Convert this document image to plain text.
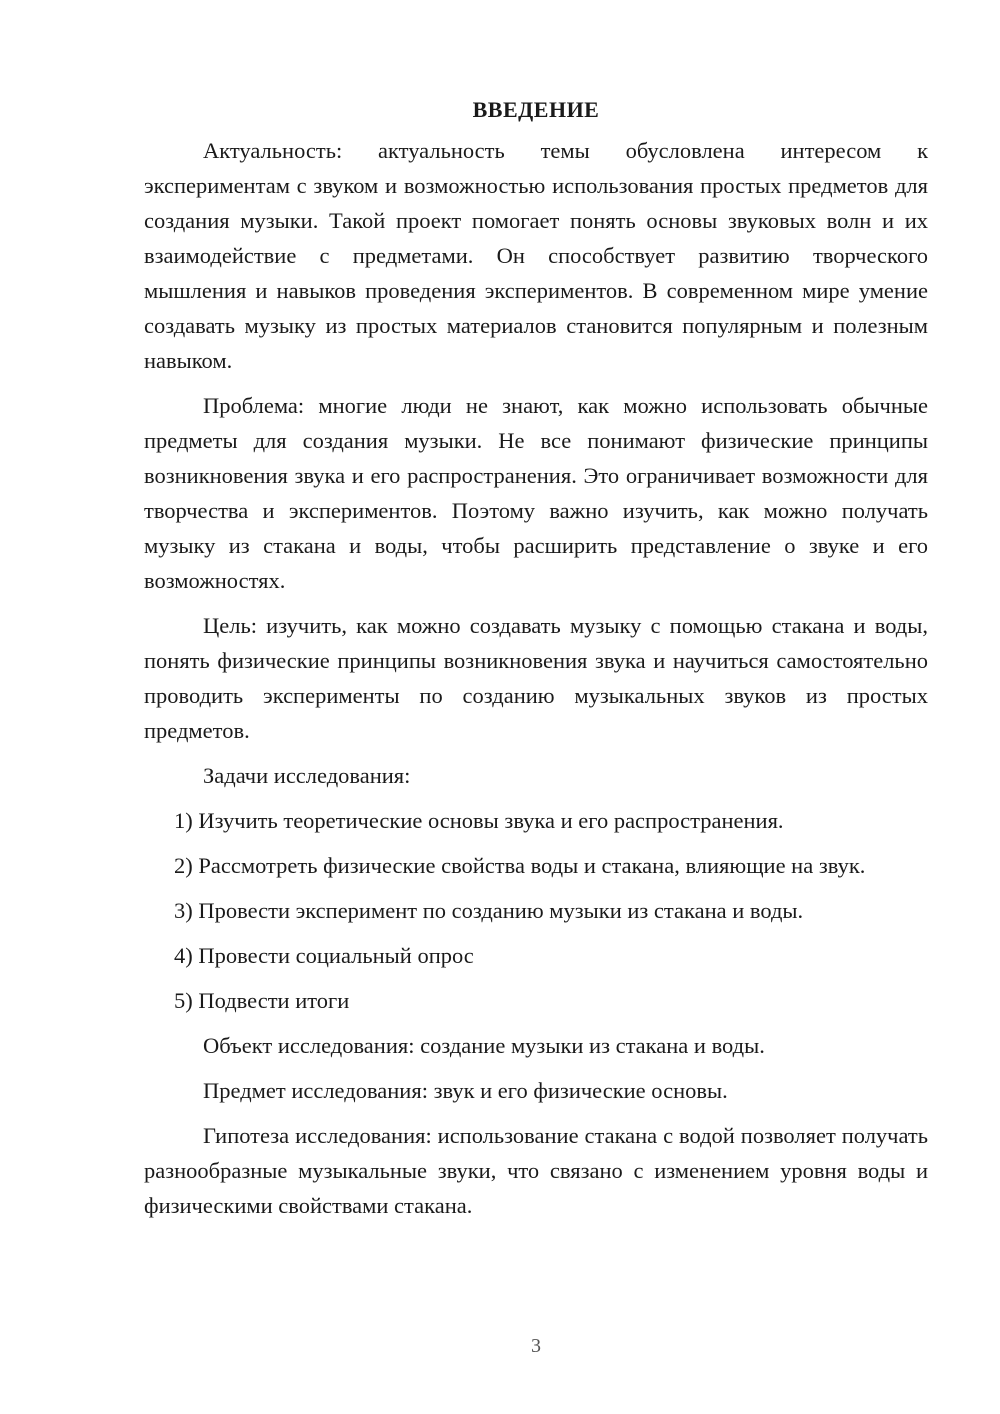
ВВЕДЕНИЕ

Актуальность: актуальность темы обусловлена интересом к экспериментам с звуком и возможностью использования простых предметов для создания музыки. Такой проект помогает понять основы звуковых волн и их взаимодействие с предметами. Он способствует развитию творческого мышления и навыков проведения экспериментов. В современном мире умение создавать музыку из простых материалов становится популярным и полезным навыком.

Проблема: многие люди не знают, как можно использовать обычные предметы для создания музыки. Не все понимают физические принципы возникновения звука и его распространения. Это ограничивает возможности для творчества и экспериментов. Поэтому важно изучить, как можно получать музыку из стакана и воды, чтобы расширить представление о звуке и его возможностях.

Цель: изучить, как можно создавать музыку с помощью стакана и воды, понять физические принципы возникновения звука и научиться самостоятельно проводить эксперименты по созданию музыкальных звуков из простых предметов.

Задачи исследования:

1) Изучить теоретические основы звука и его распространения.

2) Рассмотреть физические свойства воды и стакана, влияющие на звук.

3) Провести эксперимент по созданию музыки из стакана и воды.

4) Провести социальный опрос

5) Подвести итоги

Объект исследования: создание музыки из стакана и воды.

Предмет исследования: звук и его физические основы.

Гипотеза исследования: использование стакана с водой позволяет получать разнообразные музыкальные звуки, что связано с изменением уровня воды и физическими свойствами стакана.

3
